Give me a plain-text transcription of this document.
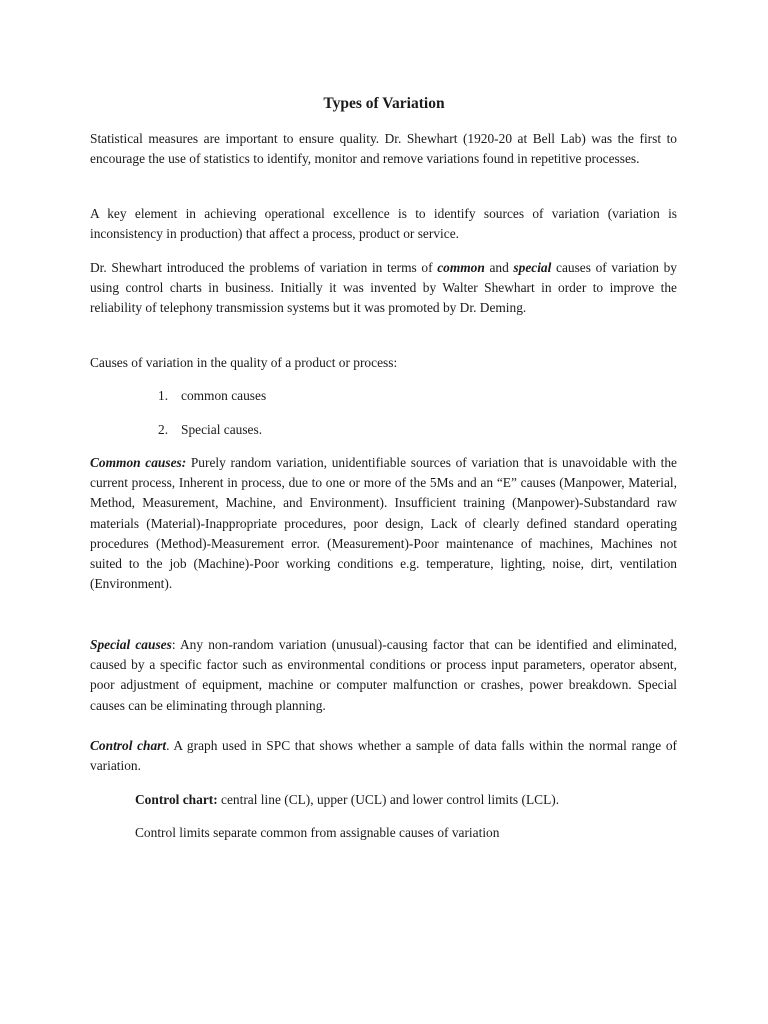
Types of Variation

Statistical measures are important to ensure quality. Dr. Shewhart (1920-20 at Bell Lab) was the first to encourage the use of statistics to identify, monitor and remove variations found in repetitive processes.

A key element in achieving operational excellence is to identify sources of variation (variation is inconsistency in production) that affect a process, product or service.

Dr. Shewhart introduced the problems of variation in terms of common and special causes of variation by using control charts in business. Initially it was invented by Walter Shewhart in order to improve the reliability of telephony transmission systems but it was promoted by Dr. Deming.

Causes of variation in the quality of a product or process:

1. common causes
2. Special causes.

Common causes: Purely random variation, unidentifiable sources of variation that is unavoidable with the current process, Inherent in process, due to one or more of the 5Ms and an “E” causes (Manpower, Material, Method, Measurement, Machine, and Environment). Insufficient training (Manpower)-Substandard raw materials (Material)-Inappropriate procedures, poor design, Lack of clearly defined standard operating procedures (Method)-Measurement error. (Measurement)-Poor maintenance of machines, Machines not suited to the job (Machine)-Poor working conditions e.g. temperature, lighting, noise, dirt, ventilation (Environment).

Special causes: Any non-random variation (unusual)-causing factor that can be identified and eliminated, caused by a specific factor such as environmental conditions or process input parameters, operator absent, poor adjustment of equipment, machine or computer malfunction or crashes, power breakdown. Special causes can be eliminating through planning.

Control chart. A graph used in SPC that shows whether a sample of data falls within the normal range of variation.

Control chart: central line (CL), upper (UCL) and lower control limits (LCL).
Control limits separate common from assignable causes of variation
